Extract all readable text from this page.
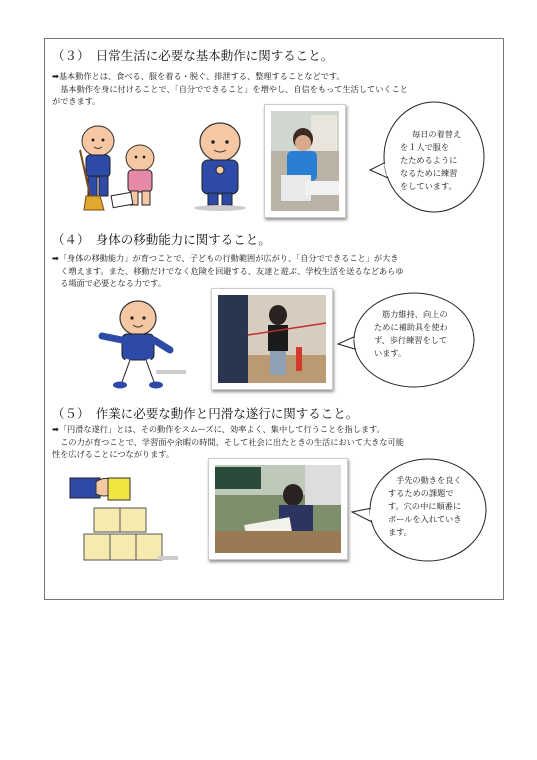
（３）　日常生活に必要な基本動作に関すること。

➡基本動作とは、食べる、服を着る・脱ぐ、排泄する、整理することなどです。

　基本動作を身に付けることで、「自分でできること」を増やし、自信をもって生活していくこと

ができます。

毎日の着替え
を１人で服を
たためるように
なるために練習
をしています。
（４）　身体の移動能力に関すること。

➡「身体の移動能力」が育つことで、子どもの行動範囲が広がり、「自分でできること」が大き

　く増えます。また、移動だけでなく危険を回避する、友達と遊ぶ、学校生活を送るなどあらゆ

　る場面で必要となる力です。

筋力維持、向上の
ために補助具を使わ
ず、歩行練習をして
います。
（５）　作業に必要な動作と円滑な遂行に関すること。

➡「円滑な遂行」とは、その動作をスムーズに、効率よく、集中して行うことを指します。

　この力が育つことで、学習面や余暇の時間、そして社会に出たときの生活において大きな可能

性を広げることにつながります。

手先の動きを良く
するための課題で
す。穴の中に順番に
ボールを入れていき
ます。
